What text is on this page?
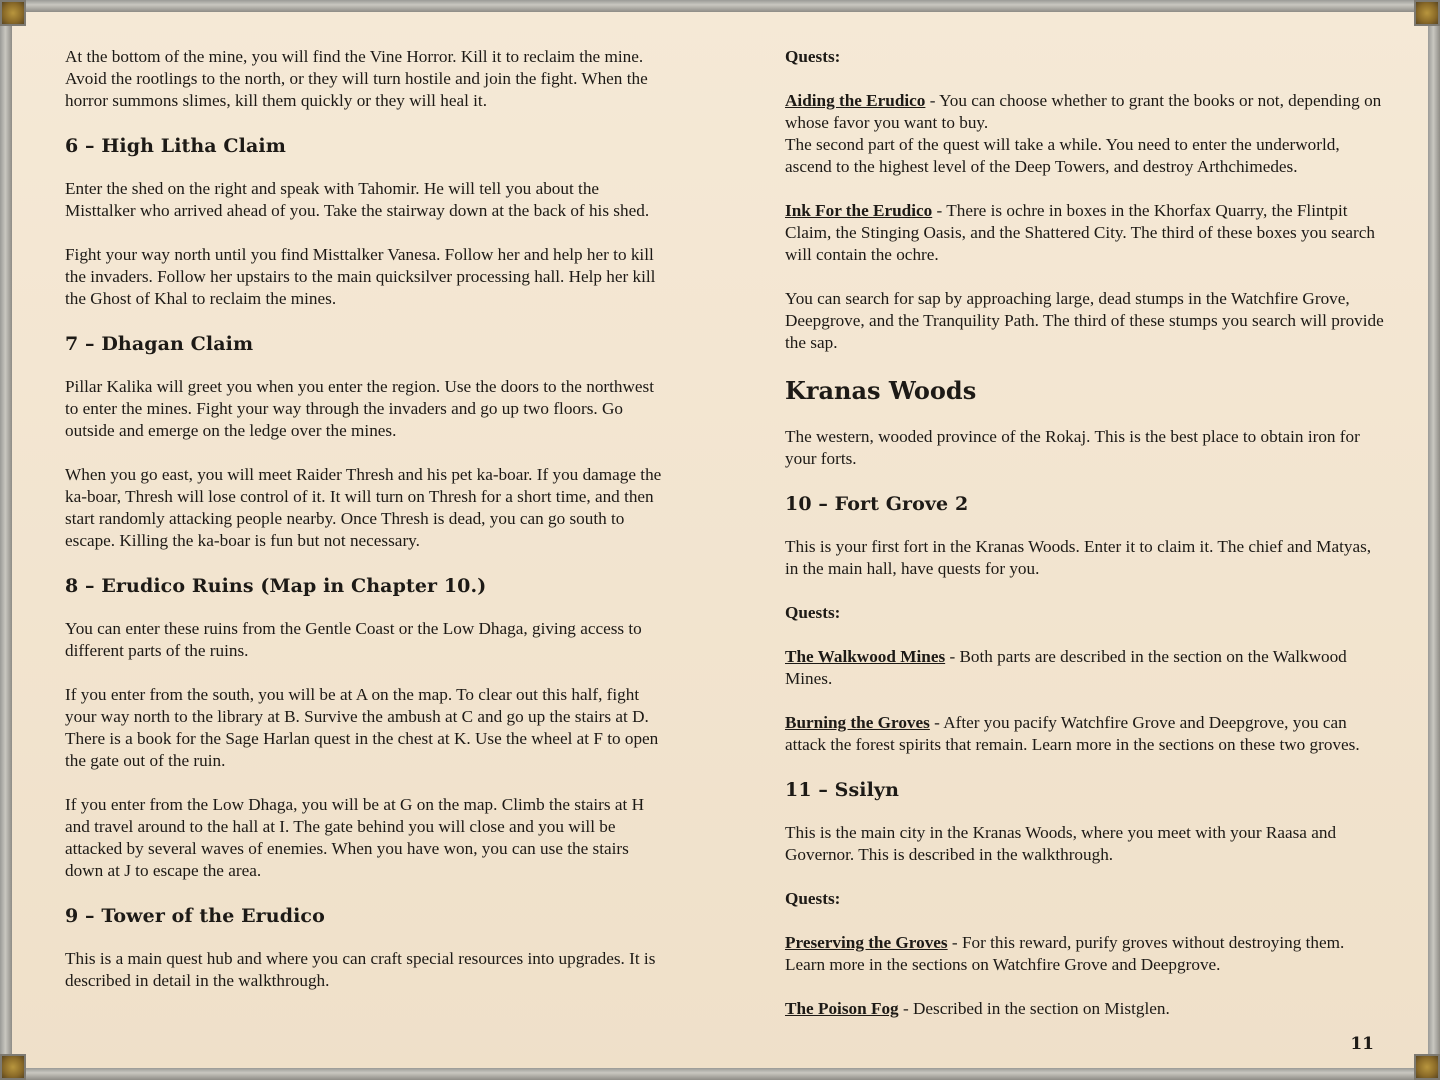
At the bottom of the mine, you will find the Vine Horror. Kill it to reclaim the mine. Avoid the rootlings to the north, or they will turn hostile and join the fight. When the horror summons slimes, kill them quickly or they will heal it.

6 – High Litha Claim

Enter the shed on the right and speak with Tahomir. He will tell you about the Misttalker who arrived ahead of you. Take the stairway down at the back of his shed.

Fight your way north until you find Misttalker Vanesa. Follow her and help her to kill the invaders. Follow her upstairs to the main quicksilver processing hall. Help her kill the Ghost of Khal to reclaim the mines.

7 – Dhagan Claim

Pillar Kalika will greet you when you enter the region. Use the doors to the northwest to enter the mines. Fight your way through the invaders and go up two floors. Go outside and emerge on the ledge over the mines.

When you go east, you will meet Raider Thresh and his pet ka-boar. If you damage the ka-boar, Thresh will lose control of it. It will turn on Thresh for a short time, and then start randomly attacking people nearby. Once Thresh is dead, you can go south to escape. Killing the ka-boar is fun but not necessary.

8 – Erudico Ruins (Map in Chapter 10.)

You can enter these ruins from the Gentle Coast or the Low Dhaga, giving access to different parts of the ruins.

If you enter from the south, you will be at A on the map. To clear out this half, fight your way north to the library at B. Survive the ambush at C and go up the stairs at D. There is a book for the Sage Harlan quest in the chest at K. Use the wheel at F to open the gate out of the ruin.

If you enter from the Low Dhaga, you will be at G on the map. Climb the stairs at H and travel around to the hall at I. The gate behind you will close and you will be attacked by several waves of enemies. When you have won, you can use the stairs down at J to escape the area.

9 – Tower of the Erudico

This is a main quest hub and where you can craft special resources into upgrades. It is described in detail in the walkthrough.

Quests:

Aiding the Erudico - You can choose whether to grant the books or not, depending on whose favor you want to buy.
The second part of the quest will take a while. You need to enter the underworld, ascend to the highest level of the Deep Towers, and destroy Arthchimedes.

Ink For the Erudico - There is ochre in boxes in the Khorfax Quarry, the Flintpit Claim, the Stinging Oasis, and the Shattered City. The third of these boxes you search will contain the ochre.

You can search for sap by approaching large, dead stumps in the Watchfire Grove, Deepgrove, and the Tranquility Path. The third of these stumps you search will provide the sap.

Kranas Woods

The western, wooded province of the Rokaj. This is the best place to obtain iron for your forts.

10 – Fort Grove 2

This is your first fort in the Kranas Woods. Enter it to claim it. The chief and Matyas, in the main hall, have quests for you.

Quests:

The Walkwood Mines - Both parts are described in the section on the Walkwood Mines.

Burning the Groves - After you pacify Watchfire Grove and Deepgrove, you can attack the forest spirits that remain. Learn more in the sections on these two groves.

11 – Ssilyn

This is the main city in the Kranas Woods, where you meet with your Raasa and Governor. This is described in the walkthrough.

Quests:

Preserving the Groves - For this reward, purify groves without destroying them. Learn more in the sections on Watchfire Grove and Deepgrove.

The Poison Fog - Described in the section on Mistglen.

11
